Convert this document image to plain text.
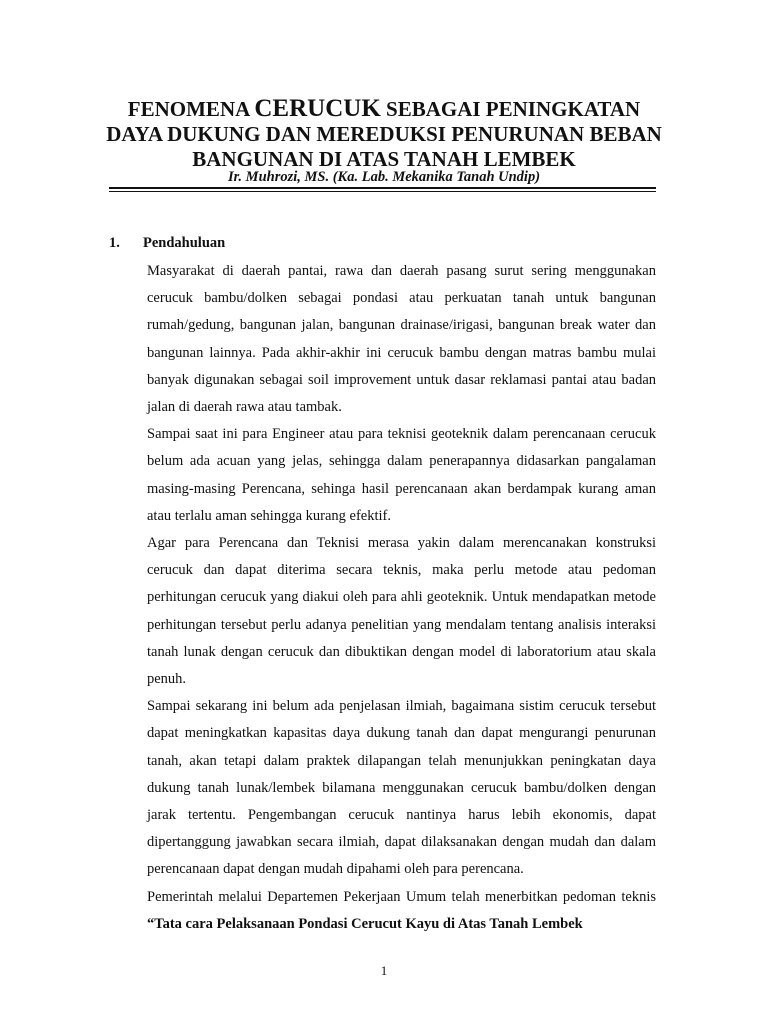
FENOMENA CERUCUK SEBAGAI PENINGKATAN
DAYA DUKUNG DAN MEREDUKSI PENURUNAN BEBAN
BANGUNAN DI ATAS TANAH LEMBEK
Ir. Muhrozi, MS. (Ka. Lab. Mekanika Tanah Undip)
1. Pendahuluan

Masyarakat di daerah pantai, rawa dan daerah pasang surut sering menggunakan cerucuk bambu/dolken sebagai pondasi atau perkuatan tanah untuk bangunan rumah/gedung, bangunan jalan, bangunan drainase/irigasi, bangunan break water dan bangunan lainnya. Pada akhir-akhir ini cerucuk bambu dengan matras bambu mulai banyak digunakan sebagai soil improvement untuk dasar reklamasi pantai atau badan jalan di daerah rawa atau tambak.

Sampai saat ini para Engineer atau para teknisi geoteknik dalam perencanaan cerucuk belum ada acuan yang jelas, sehingga dalam penerapannya didasarkan pangalaman masing-masing Perencana, sehinga hasil perencanaan akan berdampak kurang aman atau terlalu aman sehingga kurang efektif.

Agar para Perencana dan Teknisi merasa yakin dalam merencanakan konstruksi cerucuk dan dapat diterima secara teknis, maka perlu metode atau pedoman perhitungan cerucuk yang diakui oleh para ahli geoteknik. Untuk mendapatkan metode perhitungan tersebut perlu adanya penelitian yang mendalam tentang analisis interaksi tanah lunak dengan cerucuk dan dibuktikan dengan model di laboratorium atau skala penuh.

Sampai sekarang ini belum ada penjelasan ilmiah, bagaimana sistim cerucuk tersebut dapat meningkatkan kapasitas daya dukung tanah dan dapat mengurangi penurunan tanah, akan tetapi dalam praktek dilapangan telah menunjukkan peningkatan daya dukung tanah lunak/lembek bilamana menggunakan cerucuk bambu/dolken dengan jarak tertentu. Pengembangan cerucuk nantinya harus lebih ekonomis, dapat dipertanggung jawabkan secara ilmiah, dapat dilaksanakan dengan mudah dan dalam perencanaan dapat dengan mudah dipahami oleh para perencana.

Pemerintah melalui Departemen Pekerjaan Umum telah menerbitkan pedoman teknis “Tata cara Pelaksanaan Pondasi Cerucut Kayu di Atas Tanah Lembek

1
